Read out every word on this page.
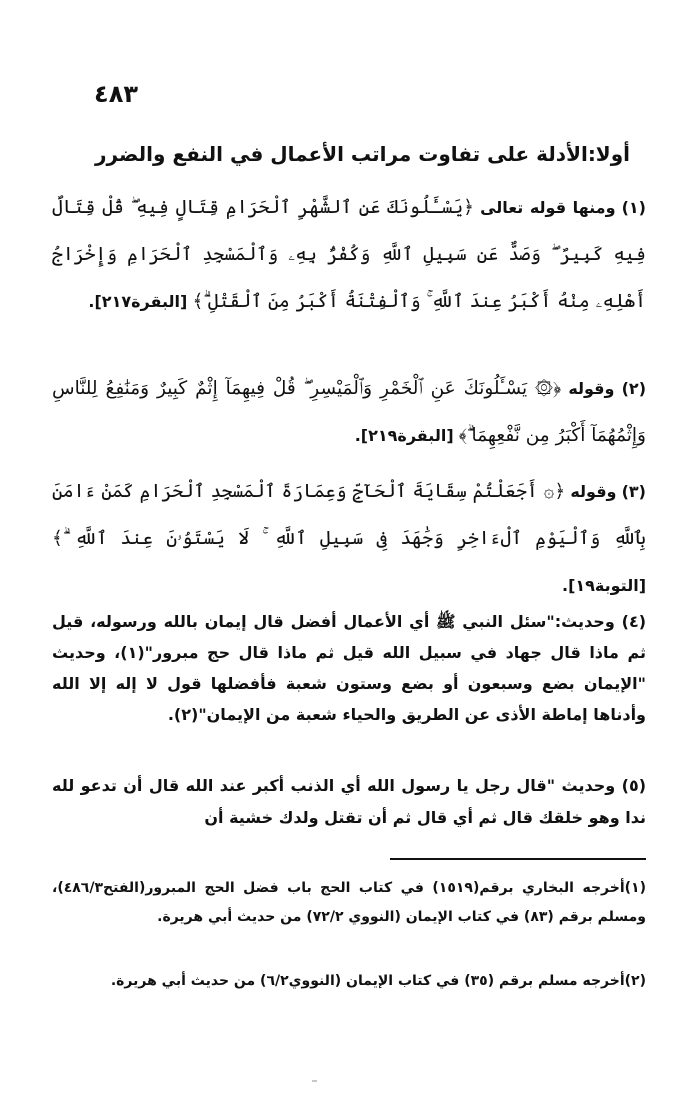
٤٨٣
أولا:الأدلة على تفاوت مراتب الأعمال في النفع والضرر
(١) ومنها قوله تعالى ﴿يَسْـَٔلُونَكَ عَنِ ٱلشَّهْرِ ٱلْحَرَامِ قِتَالٍ فِيهِ ۖ قُلْ قِتَالٌ فِيهِ كَبِيرٌ ۖ وَصَدٌّ عَن سَبِيلِ ٱللَّهِ وَكُفْرٌۢ بِهِۦ وَٱلْمَسْجِدِ ٱلْحَرَامِ وَإِخْرَاجُ أَهْلِهِۦ مِنْهُ أَكْبَرُ عِندَ ٱللَّهِ ۚ وَٱلْفِتْنَةُ أَكْبَرُ مِنَ ٱلْقَتْلِ ۗ﴾ [البقرة٢١٧].
(٢) وقوله ﴿۞ يَسْـَٔلُونَكَ عَنِ ٱلْخَمْرِ وَٱلْمَيْسِرِ ۖ قُلْ فِيهِمَآ إِثْمٌ كَبِيرٌ وَمَنَٰفِعُ لِلنَّاسِ وَإِثْمُهُمَآ أَكْبَرُ مِن نَّفْعِهِمَا ۗ﴾ [البقرة٢١٩].
(٣) وقوله ﴿۞ أَجَعَلْتُمْ سِقَايَةَ ٱلْحَآجِّ وَعِمَارَةَ ٱلْمَسْجِدِ ٱلْحَرَامِ كَمَنْ ءَامَنَ بِٱللَّهِ وَٱلْيَوْمِ ٱلْءَاخِرِ وَجَٰهَدَ فِى سَبِيلِ ٱللَّهِ ۚ لَا يَسْتَوُۥنَ عِندَ ٱللَّهِ ۗ﴾ [التوبة١٩].
(٤) وحديث:"سئل النبي ﷺ أي الأعمال أفضل قال إيمان بالله ورسوله، قيل ثم ماذا قال جهاد في سبيل الله قيل ثم ماذا قال حج مبرور"(١)، وحديث "الإيمان بضع وسبعون أو بضع وستون شعبة فأفضلها قول لا إله إلا الله وأدناها إماطة الأذى عن الطريق والحياء شعبة من الإيمان"(٢).
(٥) وحديث "قال رجل يا رسول الله أي الذنب أكبر عند الله قال أن تدعو لله ندا وهو خلقك قال ثم أي قال ثم أن تقتل ولدك خشية أن
(١)أخرجه البخاري برقم(١٥١٩) في كتاب الحج باب فضل الحج المبرور(الفتح٤٨٦/٣)، ومسلم برقم (٨٣) في كتاب الإيمان (النووي ٧٢/٢) من حديث أبي هريرة.
(٢)أخرجه مسلم برقم (٣٥) في كتاب الإيمان (النووي٦/٢) من حديث أبي هريرة.
